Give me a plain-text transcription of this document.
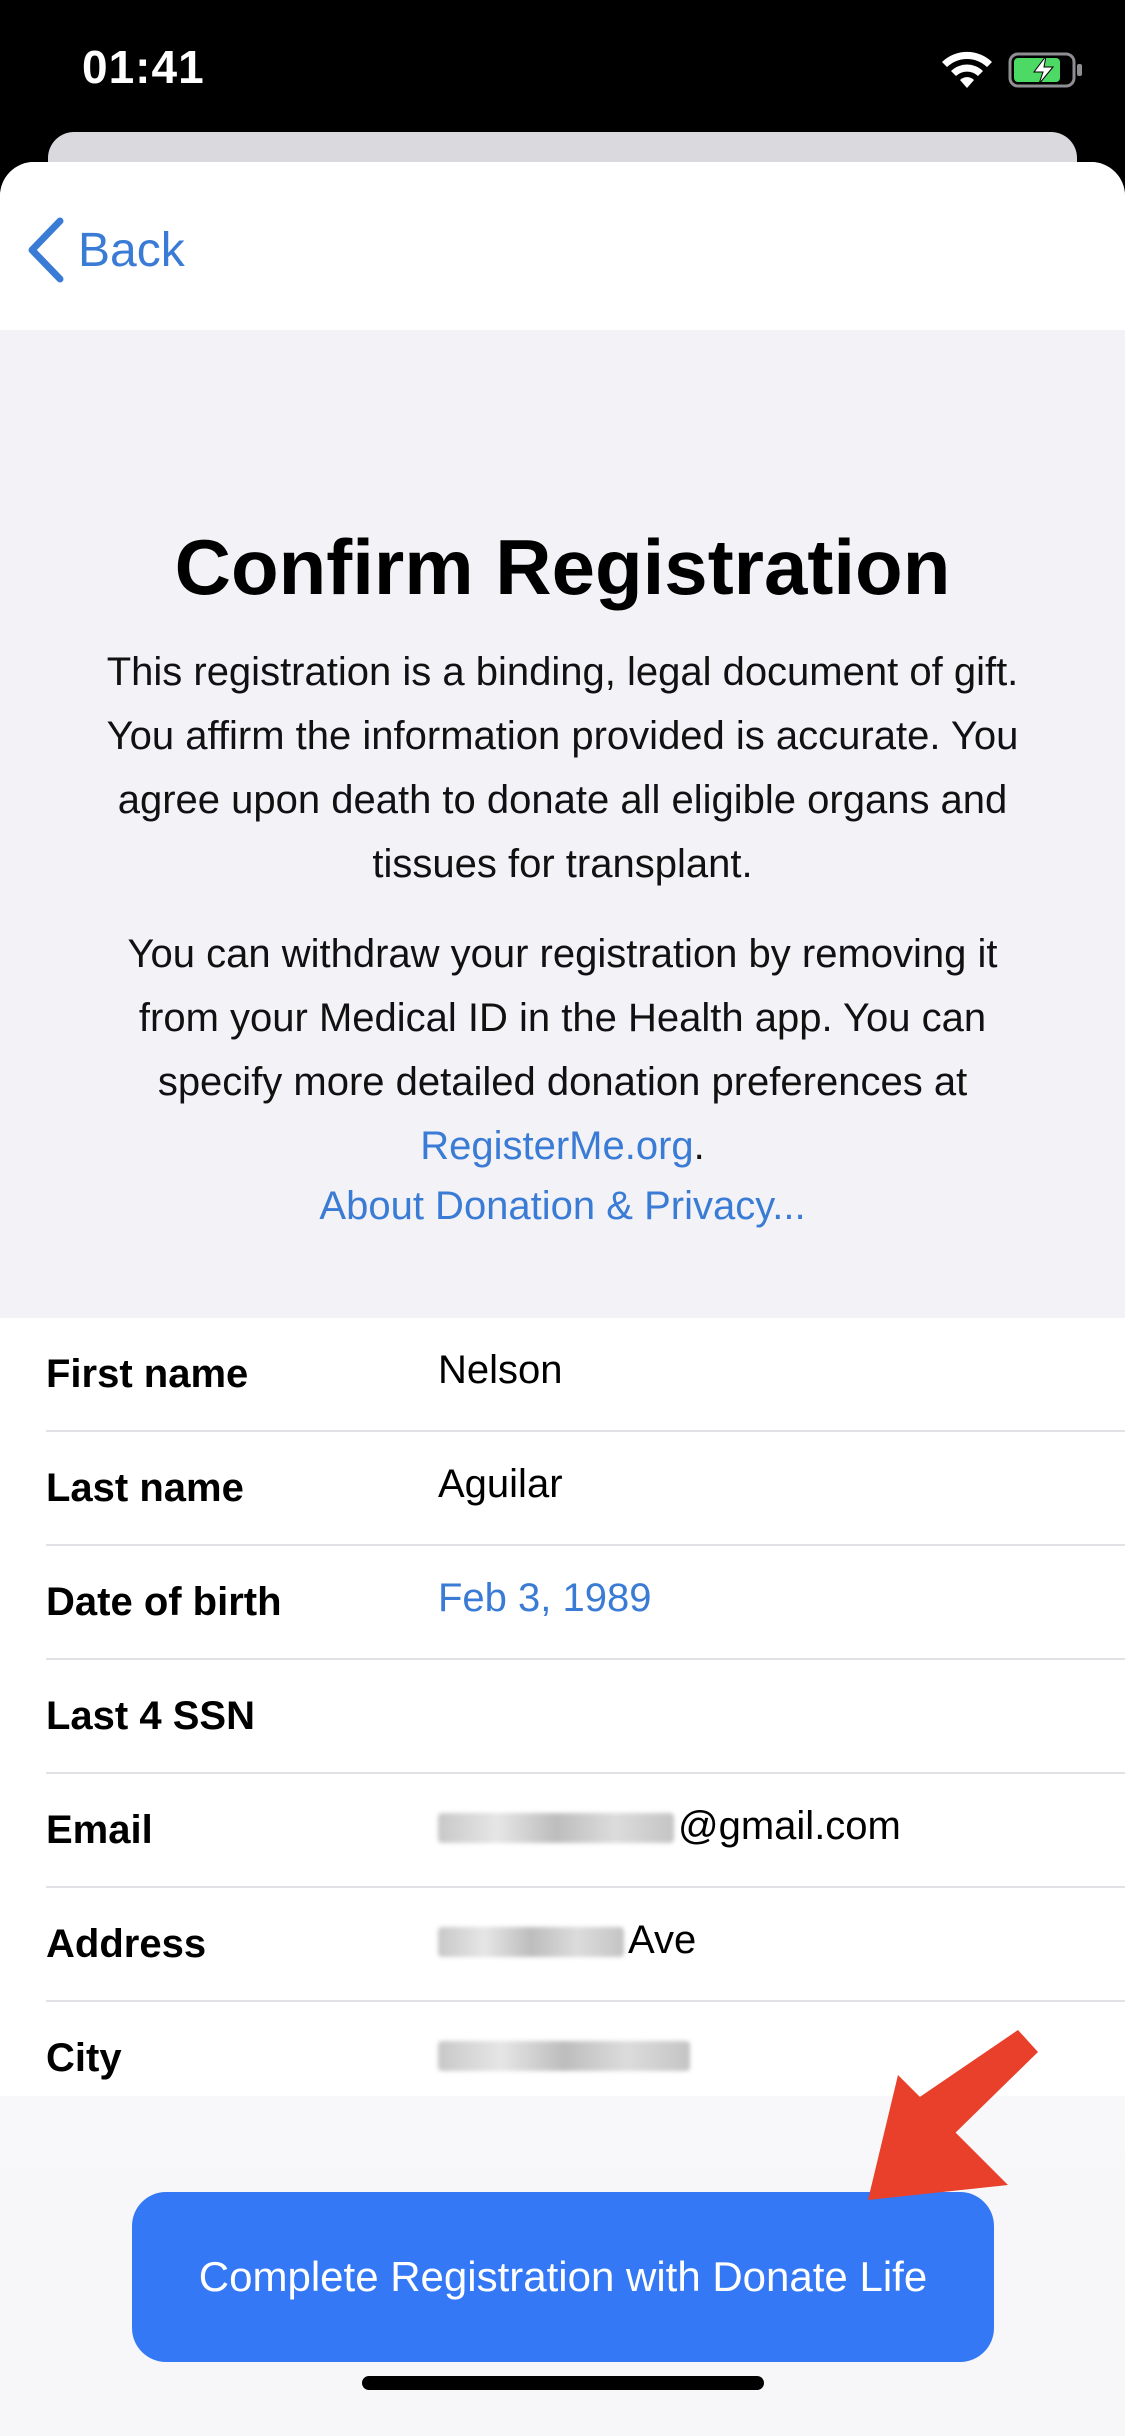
01:41
Back
Confirm Registration
This registration is a binding, legal document of gift. You affirm the information provided is accurate. You agree upon death to donate all eligible organs and tissues for transplant.
You can withdraw your registration by removing it from your Medical ID in the Health app. You can specify more detailed donation preferences at RegisterMe.org.
About Donation & Privacy...
First name	Nelson
Last name	Aguilar
Date of birth	Feb 3, 1989
Last 4 SSN
Email	@gmail.com
Address	Ave
City
Complete Registration with Donate Life
